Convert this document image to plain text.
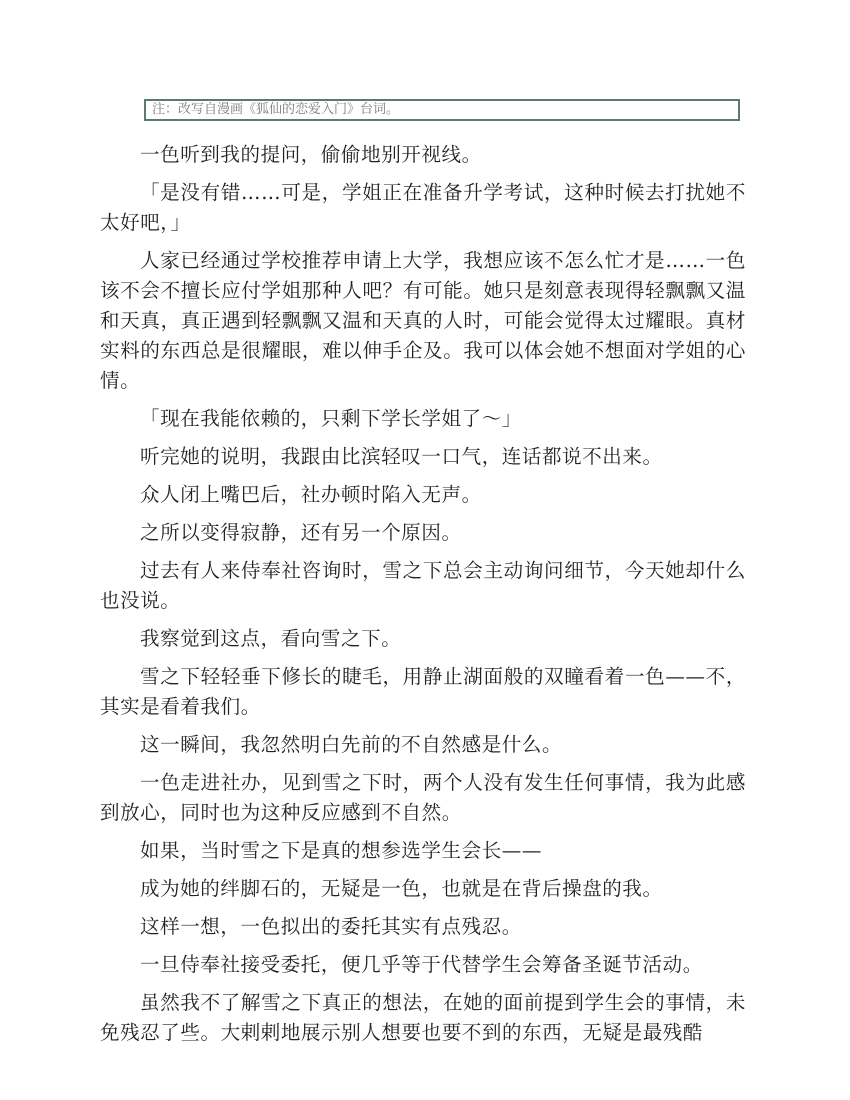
注：改写自漫画《狐仙的恋爱入门》台词。

一色听到我的提问，偷偷地别开视线。

「是没有错……可是，学姐正在准备升学考试，这种时候去打扰她不太好吧，」

人家已经通过学校推荐申请上大学，我想应该不怎么忙才是……一色该不会不擅长应付学姐那种人吧？有可能。她只是刻意表现得轻飘飘又温和天真，真正遇到轻飘飘又温和天真的人时，可能会觉得太过耀眼。真材实料的东西总是很耀眼，难以伸手企及。我可以体会她不想面对学姐的心情。

「现在我能依赖的，只剩下学长学姐了～」

听完她的说明，我跟由比滨轻叹一口气，连话都说不出来。

众人闭上嘴巴后，社办顿时陷入无声。

之所以变得寂静，还有另一个原因。

过去有人来侍奉社咨询时，雪之下总会主动询问细节，今天她却什么也没说。

我察觉到这点，看向雪之下。

雪之下轻轻垂下修长的睫毛，用静止湖面般的双瞳看着一色——不，其实是看着我们。

这一瞬间，我忽然明白先前的不自然感是什么。

一色走进社办，见到雪之下时，两个人没有发生任何事情，我为此感到放心，同时也为这种反应感到不自然。

如果，当时雪之下是真的想参选学生会长——

成为她的绊脚石的，无疑是一色，也就是在背后操盘的我。

这样一想，一色拟出的委托其实有点残忍。

一旦侍奉社接受委托，便几乎等于代替学生会筹备圣诞节活动。

虽然我不了解雪之下真正的想法，在她的面前提到学生会的事情，未免残忍了些。大剌剌地展示别人想要也要不到的东西，无疑是最残酷
